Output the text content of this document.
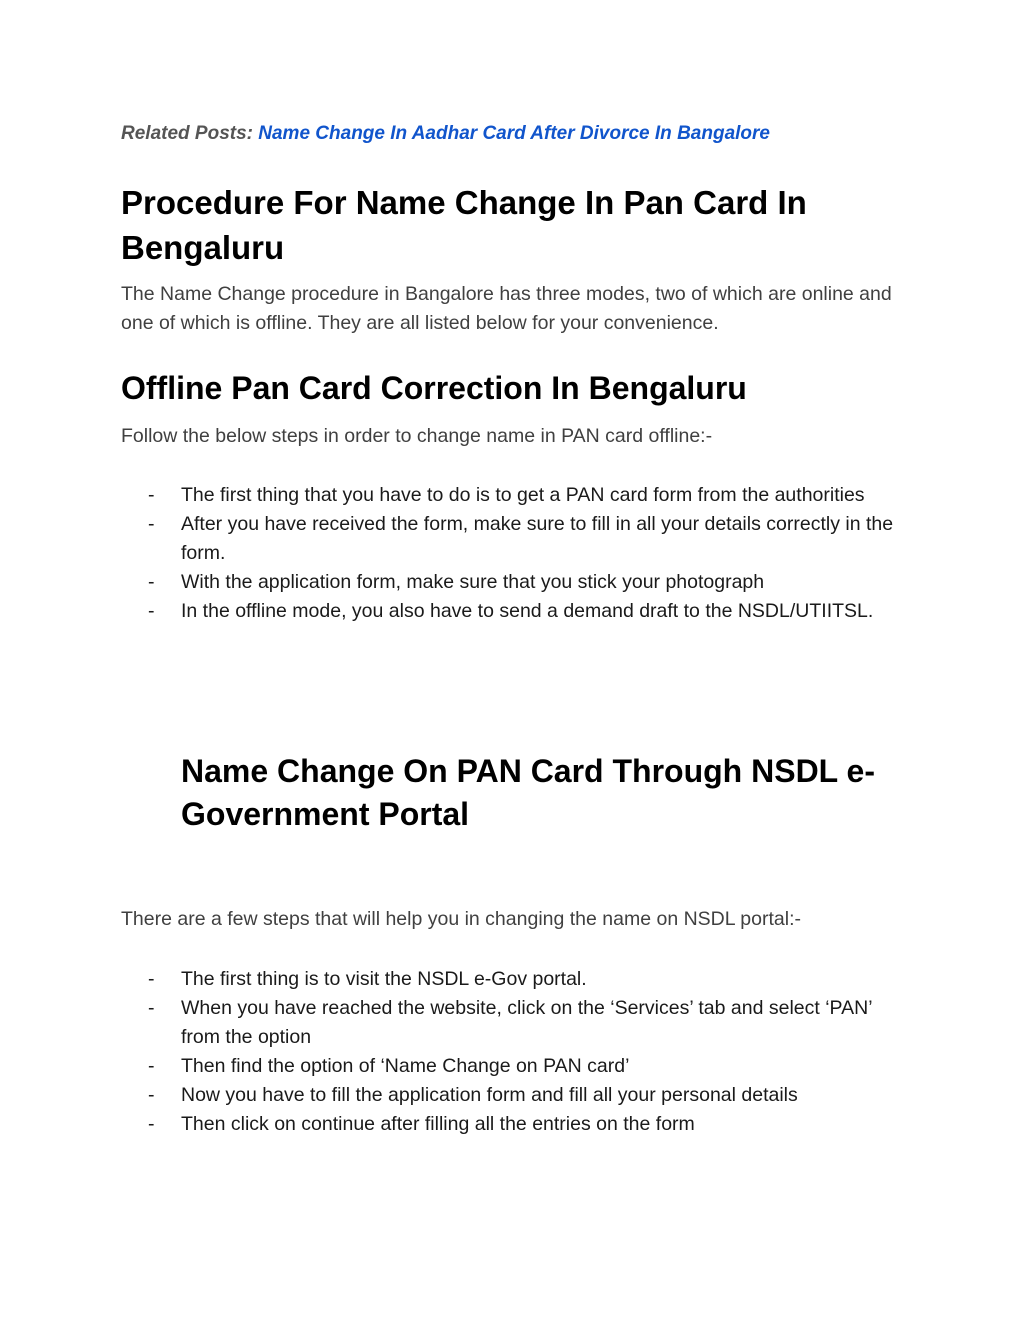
Related Posts: Name Change In Aadhar Card After Divorce In Bangalore
Procedure For Name Change In Pan Card In Bengaluru

The Name Change procedure in Bangalore has three modes, two of which are online and one of which is offline. They are all listed below for your convenience.

Offline Pan Card Correction In Bengaluru

Follow the below steps in order to change name in PAN card offline:-

- The first thing that you have to do is to get a PAN card form from the authorities
- After you have received the form, make sure to fill in all your details correctly in the form.
- With the application form, make sure that you stick your photograph
- In the offline mode, you also have to send a demand draft to the NSDL/UTIITSL.
Name Change On PAN Card Through NSDL e-Government Portal

There are a few steps that will help you in changing the name on NSDL portal:-

- The first thing is to visit the NSDL e-Gov portal.
- When you have reached the website, click on the ‘Services’ tab and select ‘PAN’ from the option
- Then find the option of ‘Name Change on PAN card’
- Now you have to fill the application form and fill all your personal details
- Then click on continue after filling all the entries on the form
